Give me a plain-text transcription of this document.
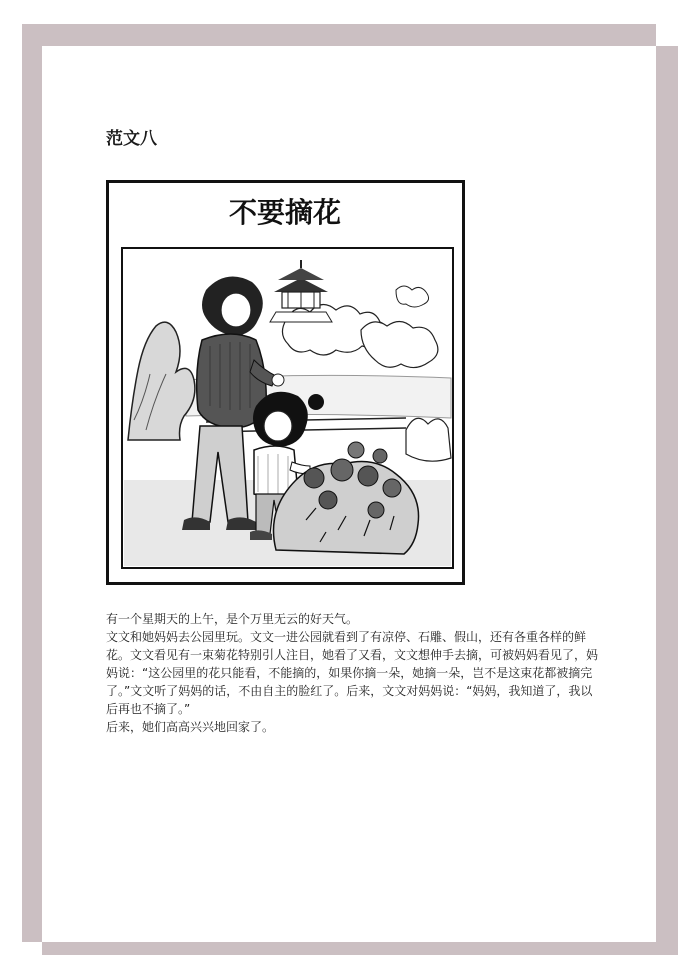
范文八
不要摘花

有一个星期天的上午，是个万里无云的好天气。

文文和她妈妈去公园里玩。文文一进公园就看到了有凉停、石雕、假山，还有各重各样的鲜花。文文看见有一束菊花特别引人注目，她看了又看，文文想伸手去摘，可被妈妈看见了，妈妈说：“这公园里的花只能看，不能摘的，如果你摘一朵，她摘一朵，岂不是这束花都被摘完了。”文文听了妈妈的话，不由自主的脸红了。后来，文文对妈妈说：“妈妈，我知道了，我以后再也不摘了。”

后来，她们高高兴兴地回家了。
